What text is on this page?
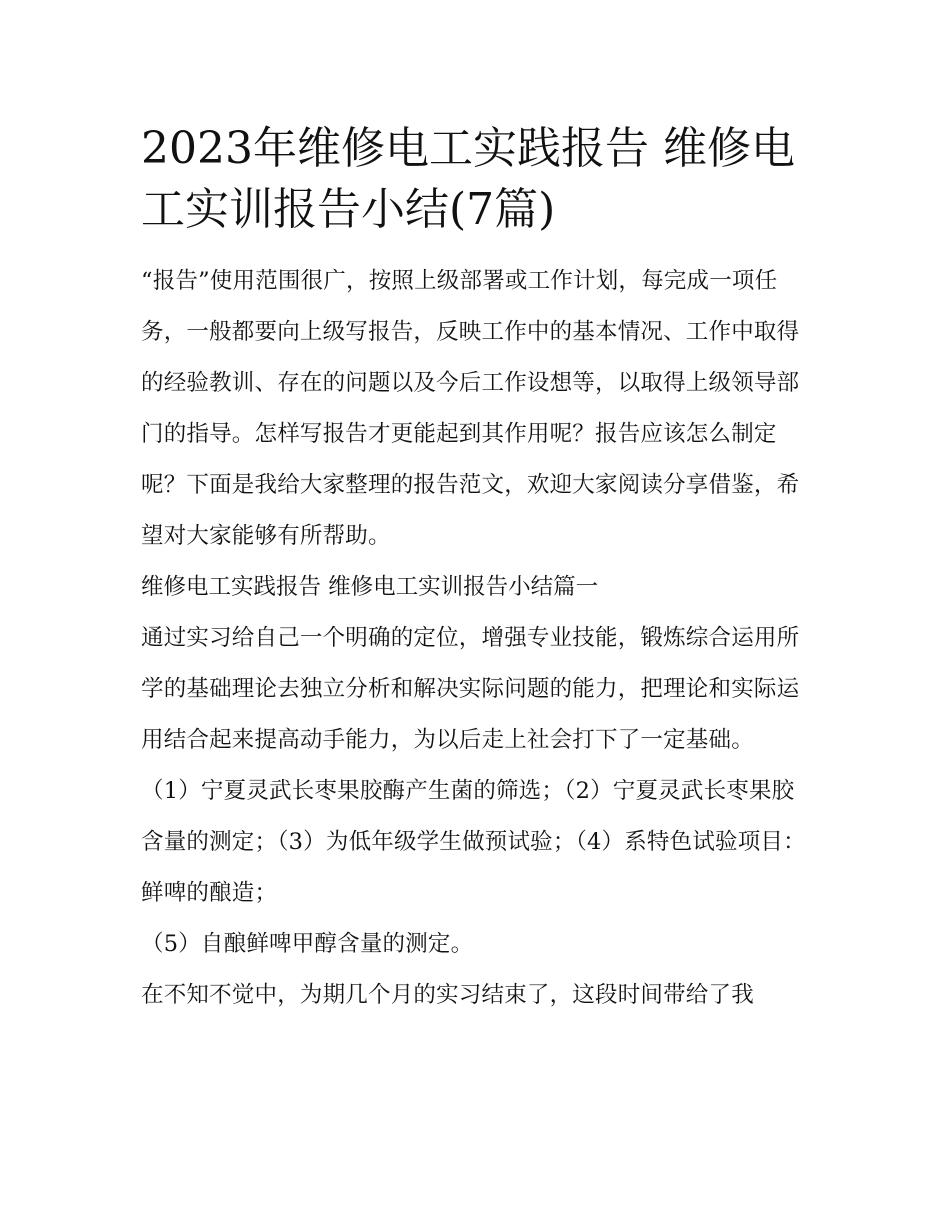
2023年维修电工实践报告 维修电工实训报告小结(7篇)

“报告”使用范围很广，按照上级部署或工作计划，每完成一项任务，一般都要向上级写报告，反映工作中的基本情况、工作中取得的经验教训、存在的问题以及今后工作设想等，以取得上级领导部门的指导。怎样写报告才更能起到其作用呢？报告应该怎么制定呢？下面是我给大家整理的报告范文，欢迎大家阅读分享借鉴，希望对大家能够有所帮助。

维修电工实践报告 维修电工实训报告小结篇一

通过实习给自己一个明确的定位，增强专业技能，锻炼综合运用所学的基础理论去独立分析和解决实际问题的能力，把理论和实际运用结合起来提高动手能力，为以后走上社会打下了一定基础。

（1）宁夏灵武长枣果胶酶产生菌的筛选；（2）宁夏灵武长枣果胶含量的测定；（3）为低年级学生做预试验；（4）系特色试验项目：鲜啤的酿造；

（5）自酿鲜啤甲醇含量的测定。

在不知不觉中，为期几个月的实习结束了，这段时间带给了我
